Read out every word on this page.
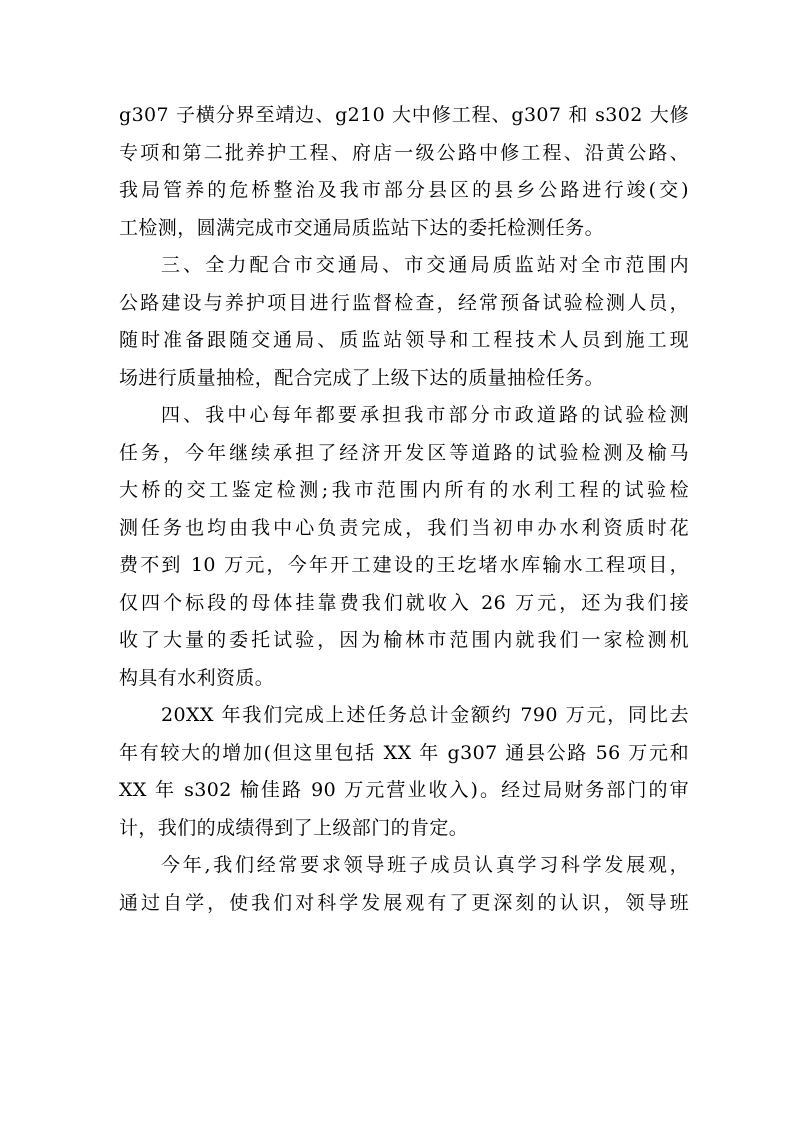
g307 子横分界至靖边、g210 大中修工程、g307 和 s302 大修
专项和第二批养护工程、府店一级公路中修工程、沿黄公路、
我局管养的危桥整治及我市部分县区的县乡公路进行竣(交)
工检测，圆满完成市交通局质监站下达的委托检测任务。
三、全力配合市交通局、市交通局质监站对全市范围内
公路建设与养护项目进行监督检查，经常预备试验检测人员，
随时准备跟随交通局、质监站领导和工程技术人员到施工现
场进行质量抽检，配合完成了上级下达的质量抽检任务。
四、我中心每年都要承担我市部分市政道路的试验检测
任务，今年继续承担了经济开发区等道路的试验检测及榆马
大桥的交工鉴定检测;我市范围内所有的水利工程的试验检
测任务也均由我中心负责完成，我们当初申办水利资质时花
费不到 10 万元，今年开工建设的王圪堵水库输水工程项目，
仅四个标段的母体挂靠费我们就收入 26 万元，还为我们接
收了大量的委托试验，因为榆林市范围内就我们一家检测机
构具有水利资质。
20XX 年我们完成上述任务总计金额约 790 万元，同比去
年有较大的增加(但这里包括 XX 年 g307 通县公路 56 万元和
XX 年 s302 榆佳路 90 万元营业收入)。经过局财务部门的审
计，我们的成绩得到了上级部门的肯定。
今年,我们经常要求领导班子成员认真学习科学发展观，
通过自学，使我们对科学发展观有了更深刻的认识，领导班
